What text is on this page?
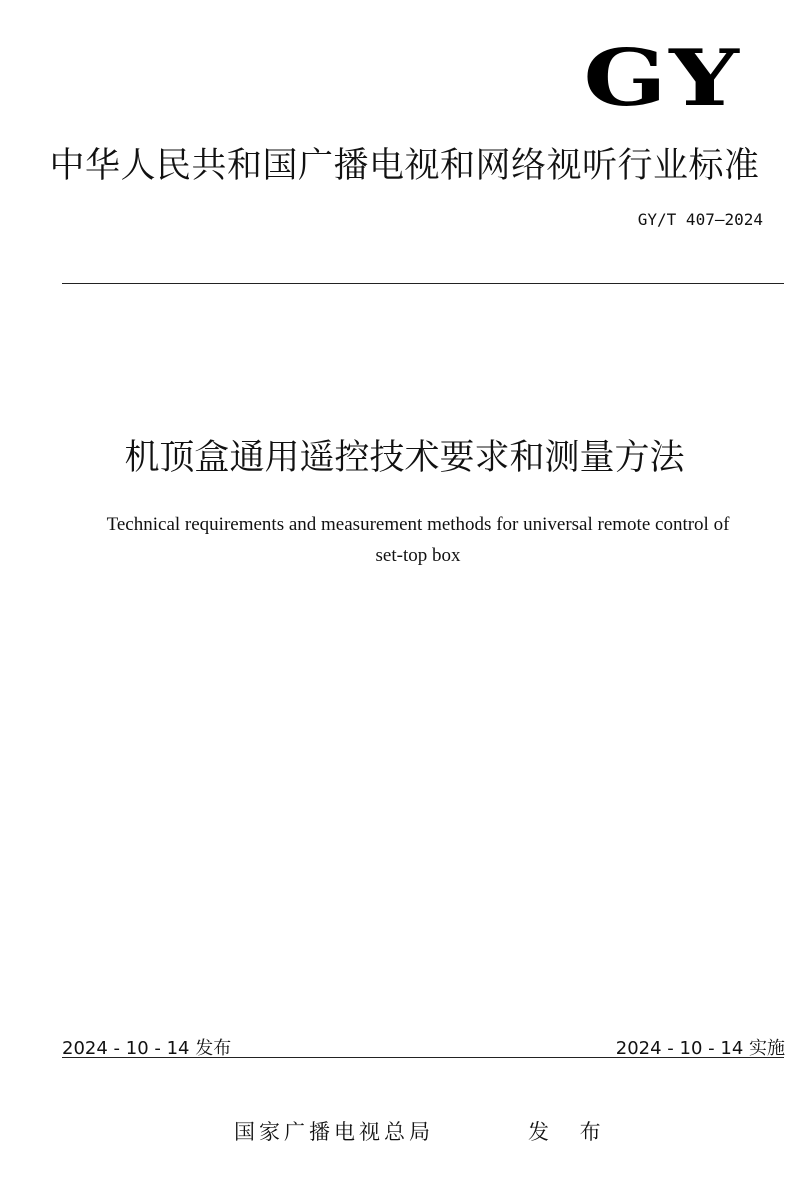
GY
中华人民共和国广播电视和网络视听行业标准
GY/T 407—2024
机顶盒通用遥控技术要求和测量方法
Technical requirements and measurement methods for universal remote control of
set-top box
2024 - 10 - 14 发布	2024 - 10 - 14 实施
国家广播电视总局	发 布
